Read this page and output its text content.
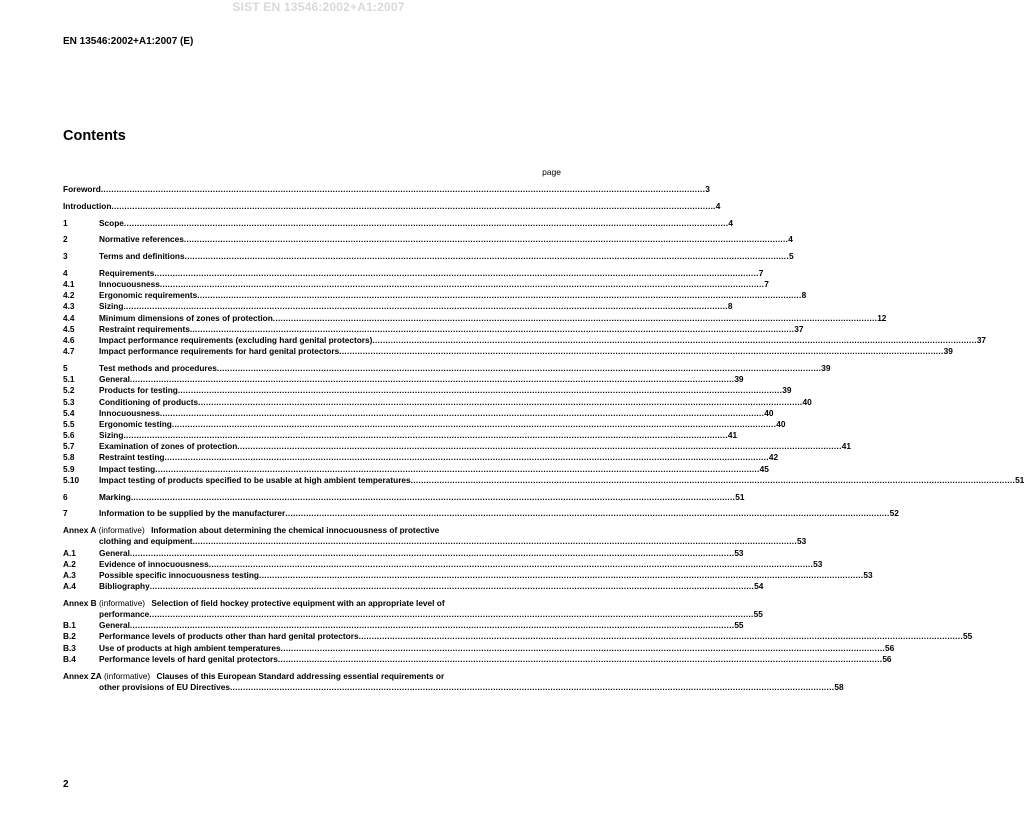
SIST EN 13546:2002+A1:2007
EN 13546:2002+A1:2007 (E)
Contents
page
Foreword .....	3
Introduction .....	4
1	Scope .....	4
2	Normative references .....	4
3	Terms and definitions .....	5
4	Requirements .....	7
4.1	Innocuousness .....	7
4.2	Ergonomic requirements .....	8
4.3	Sizing .....	8
4.4	Minimum dimensions of zones of protection .....	12
4.5	Restraint requirements .....	37
4.6	Impact performance requirements (excluding hard genital protectors) .....	37
4.7	Impact performance requirements for hard genital protectors .....	39
5	Test methods and procedures .....	39
5.1	General .....	39
5.2	Products for testing .....	39
5.3	Conditioning of products .....	40
5.4	Innocuousness .....	40
5.5	Ergonomic testing .....	40
5.6	Sizing .....	41
5.7	Examination of zones of protection .....	41
5.8	Restraint testing .....	42
5.9	Impact testing .....	45
5.10	Impact testing of products specified to be usable at high ambient temperatures .....	51
6	Marking .....	51
7	Information to be supplied by the manufacturer .....	52
Annex A (informative) Information about determining the chemical innocuousness of protective
clothing and equipment .....	53
A.1	General .....	53
A.2	Evidence of innocuousness .....	53
A.3	Possible specific innocuousness testing .....	53
A.4	Bibliography .....	54
Annex B (informative) Selection of field hockey protective equipment with an appropriate level of
performance .....	55
B.1	General .....	55
B.2	Performance levels of products other than hard genital protectors .....	55
B.3	Use of products at high ambient temperatures .....	56
B.4	Performance levels of hard genital protectors .....	56
Annex ZA (informative) Clauses of this European Standard addressing essential requirements or
other provisions of EU Directives .....	58
2
